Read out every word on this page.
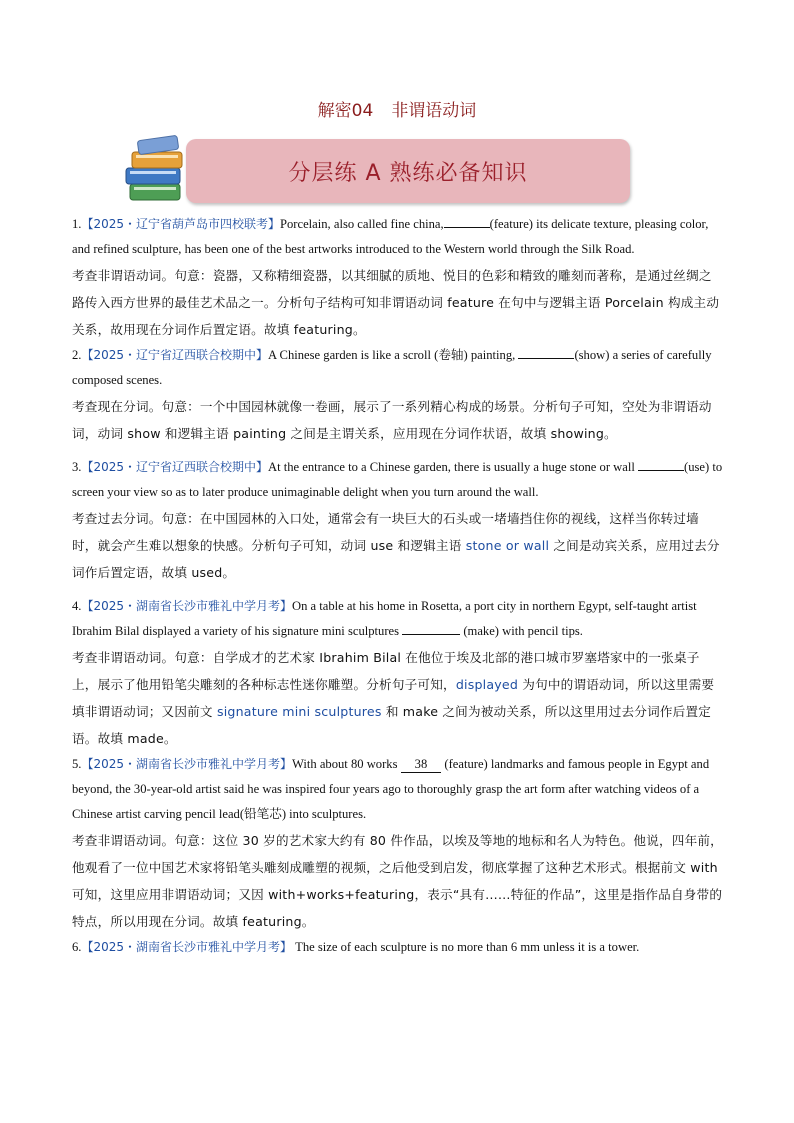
解密04 非谓语动词
分层练 A 熟练必备知识

1.【2025・辽宁省葫芦岛市四校联考】Porcelain, also called fine china,	(feature) its delicate texture, pleasing color, and refined sculpture, has been one of the best artworks introduced to the Western world through the Silk Road.

考查非谓语动词。句意：瓷器，又称精细瓷器，以其细腻的质地、悦目的色彩和精致的雕刻而著称，是通过丝绸之路传入西方世界的最佳艺术品之一。分析句子结构可知非谓语动词 feature 在句中与逻辑主语 Porcelain 构成主动关系，故用现在分词作后置定语。故填 featuring。

2.【2025・辽宁省辽西联合校期中】A Chinese garden is like a scroll (卷轴) painting,	(show) a series of carefully composed scenes.

考查现在分词。句意：一个中国园林就像一卷画，展示了一系列精心构成的场景。分析句子可知，空处为非谓语动词，动词 show 和逻辑主语 painting 之间是主谓关系，应用现在分词作状语，故填 showing。

3.【2025・辽宁省辽西联合校期中】At the entrance to a Chinese garden, there is usually a huge stone or wall	(use) to screen your view so as to later produce unimaginable delight when you turn around the wall.

考查过去分词。句意：在中国园林的入口处，通常会有一块巨大的石头或一堵墙挡住你的视线，这样当你转过墙时，就会产生难以想象的快感。分析句子可知，动词 use 和逻辑主语 stone or wall 之间是动宾关系，应用过去分词作后置定语，故填 used。

4.【2025・湖南省长沙市雅礼中学月考】On a table at his home in Rosetta, a port city in northern Egypt, self-taught artist Ibrahim Bilal displayed a variety of his signature mini sculptures	(make) with pencil tips.

考查非谓语动词。句意：自学成才的艺术家 Ibrahim Bilal 在他位于埃及北部的港口城市罗塞塔家中的一张桌子上，展示了他用铅笔尖雕刻的各种标志性迷你雕塑。分析句子可知，displayed 为句中的谓语动词，所以这里需要填非谓语动词；又因前文 signature mini sculptures 和 make 之间为被动关系，所以这里用过去分词作后置定语。故填 made。

5.【2025・湖南省长沙市雅礼中学月考】With about 80 works 38 (feature) landmarks and famous people in Egypt and beyond, the 30-year-old artist said he was inspired four years ago to thoroughly grasp the art form after watching videos of a Chinese artist carving pencil lead(铅笔芯) into sculptures.

考查非谓语动词。句意：这位 30 岁的艺术家大约有 80 件作品，以埃及等地的地标和名人为特色。他说，四年前，他观看了一位中国艺术家将铅笔头雕刻成雕塑的视频，之后他受到启发，彻底掌握了这种艺术形式。根据前文 with 可知，这里应用非谓语动词；又因 with+works+featuring，表示“具有……特征的作品”，这里是指作品自身带的特点，所以用现在分词。故填 featuring。

6.【2025・湖南省长沙市雅礼中学月考】 The size of each sculpture is no more than 6 mm unless it is a tower.
